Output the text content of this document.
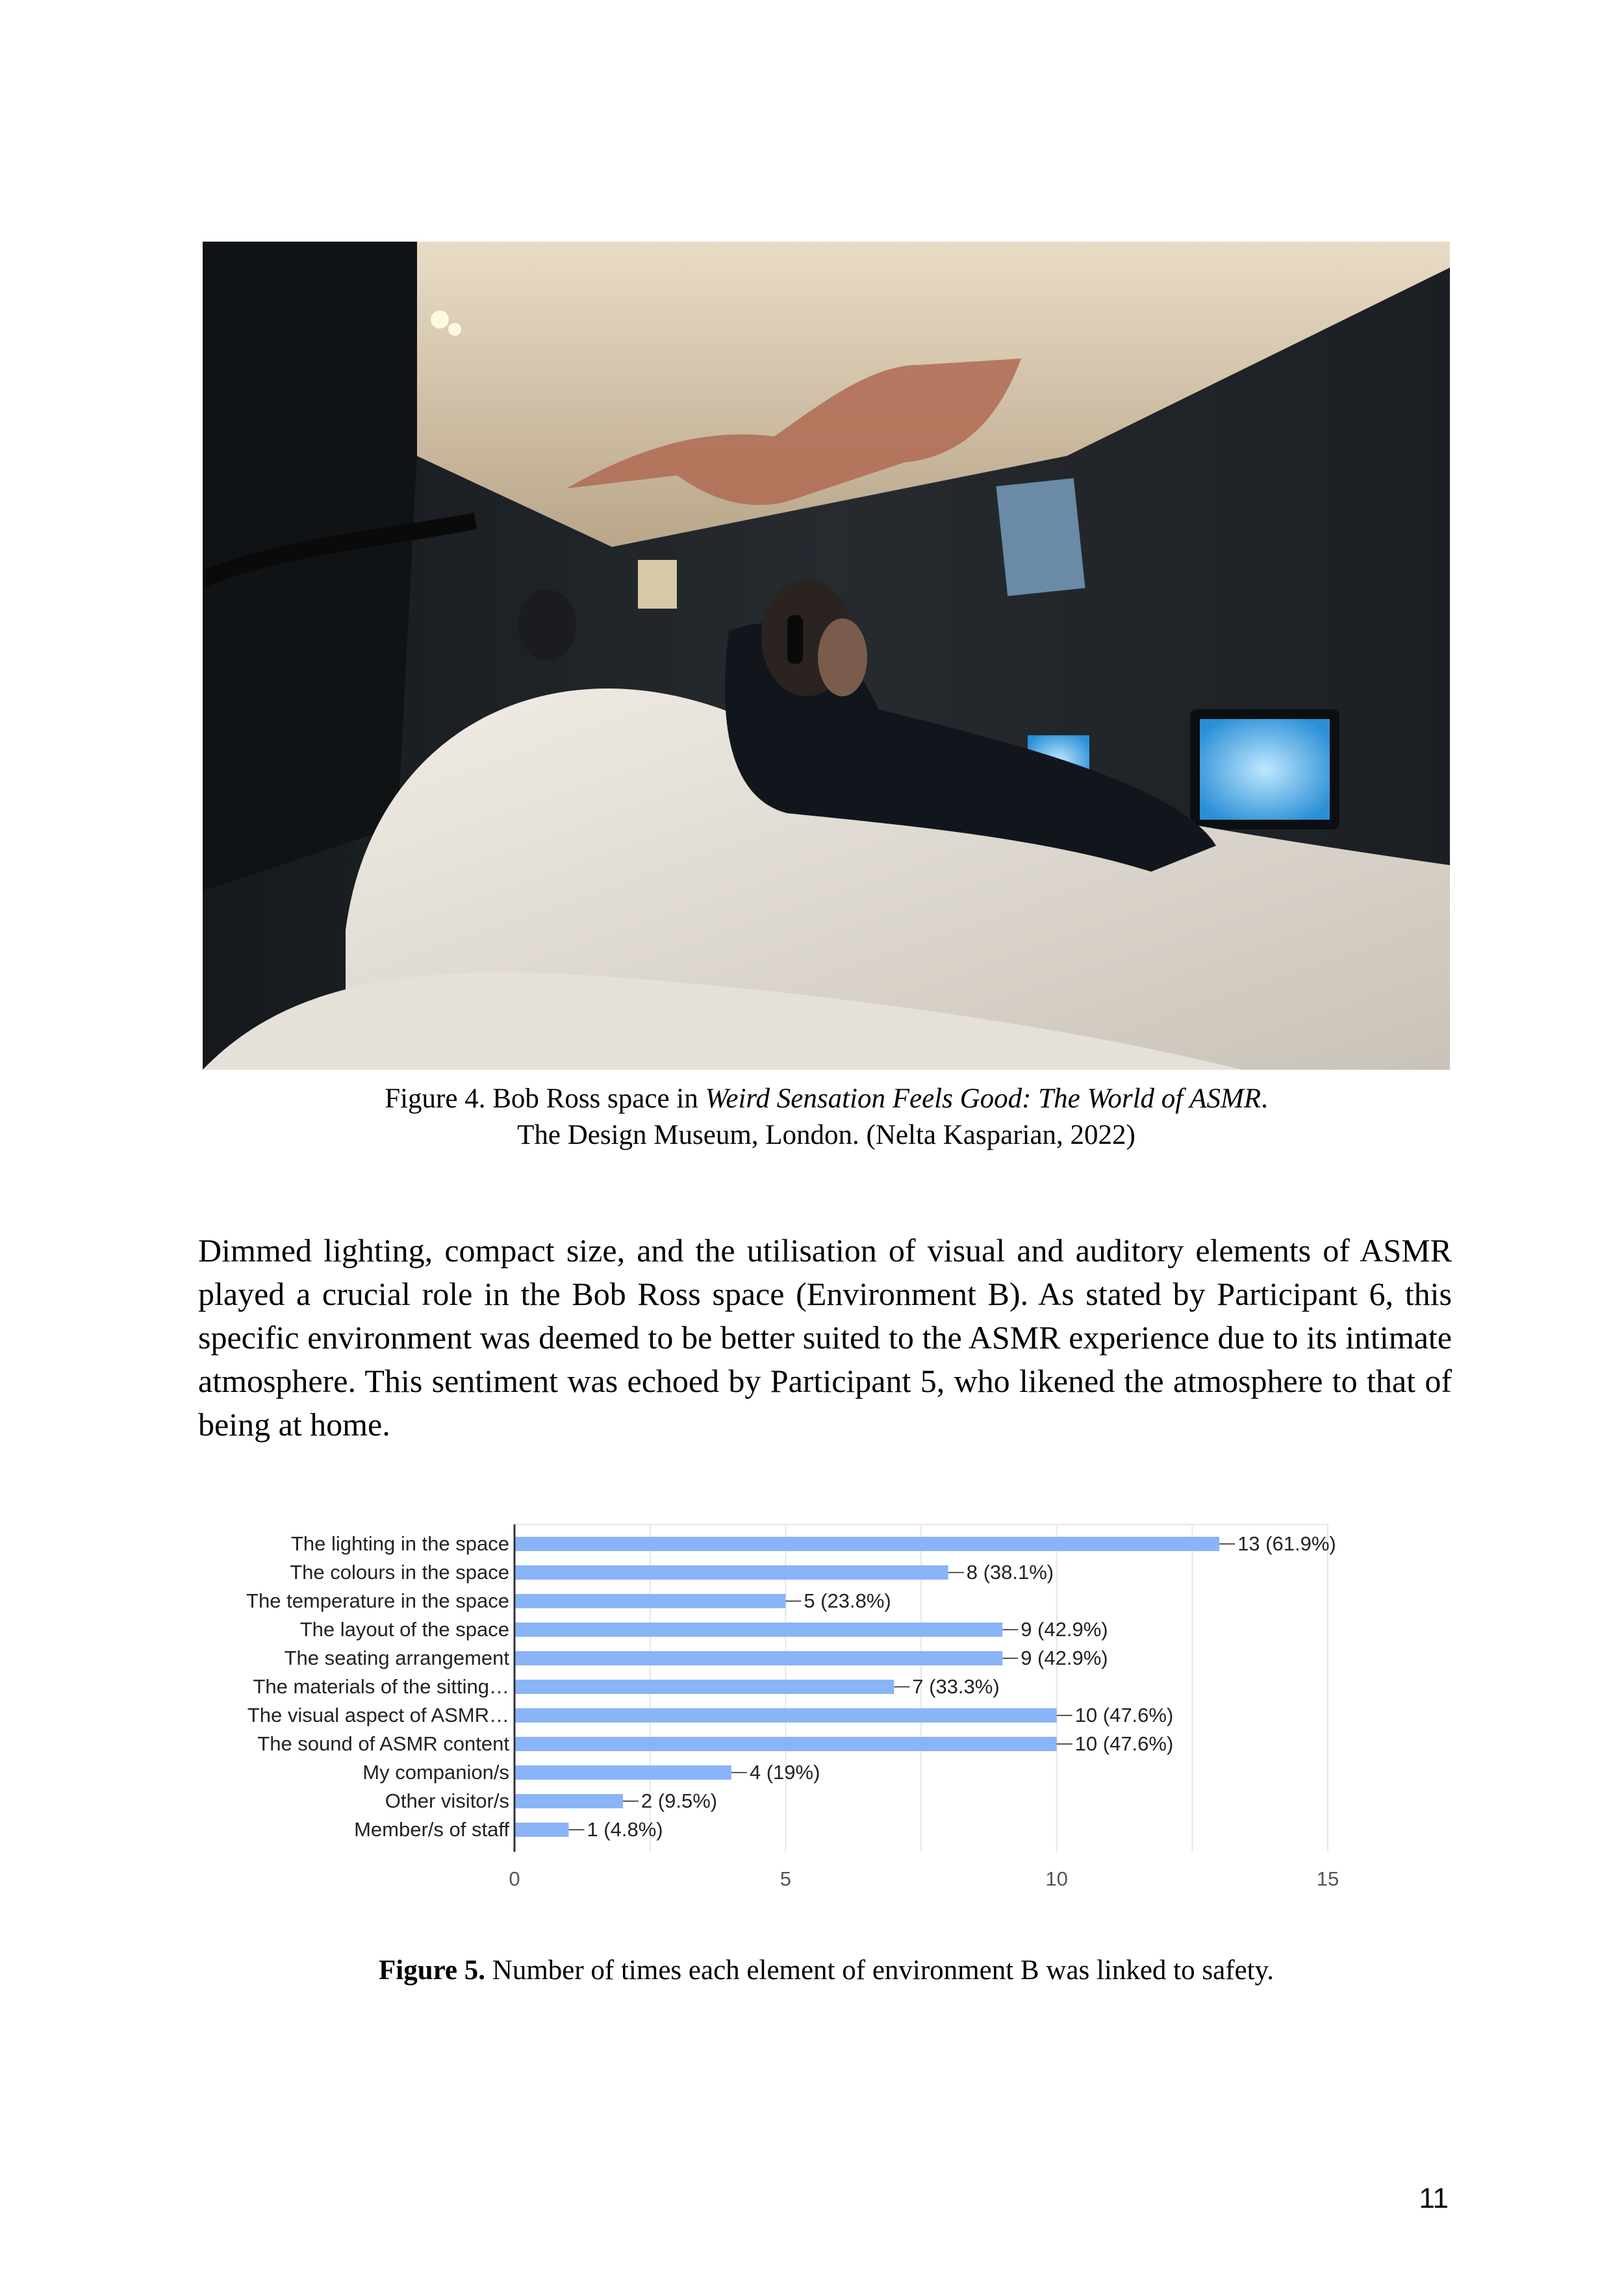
Figure 4. Bob Ross space in Weird Sensation Feels Good: The World of ASMR.
The Design Museum, London. (Nelta Kasparian, 2022)
Dimmed lighting, compact size, and the utilisation of visual and auditory elements of ASMR played a crucial role in the Bob Ross space (Environment B). As stated by Participant 6, this specific environment was deemed to be better suited to the ASMR experience due to its intimate atmosphere. This sentiment was echoed by Participant 5, who likened the atmosphere to that of being at home.
The lighting in the space	13 (61.9%)
The colours in the space	8 (38.1%)
The temperature in the space	5 (23.8%)
The layout of the space	9 (42.9%)
The seating arrangement	9 (42.9%)
The materials of the sitting…	7 (33.3%)
The visual aspect of ASMR…	10 (47.6%)
The sound of ASMR content	10 (47.6%)
My companion/s	4 (19%)
Other visitor/s	2 (9.5%)
Member/s of staff	1 (4.8%)
0	5	10	15
Figure 5. Number of times each element of environment B was linked to safety.
11
